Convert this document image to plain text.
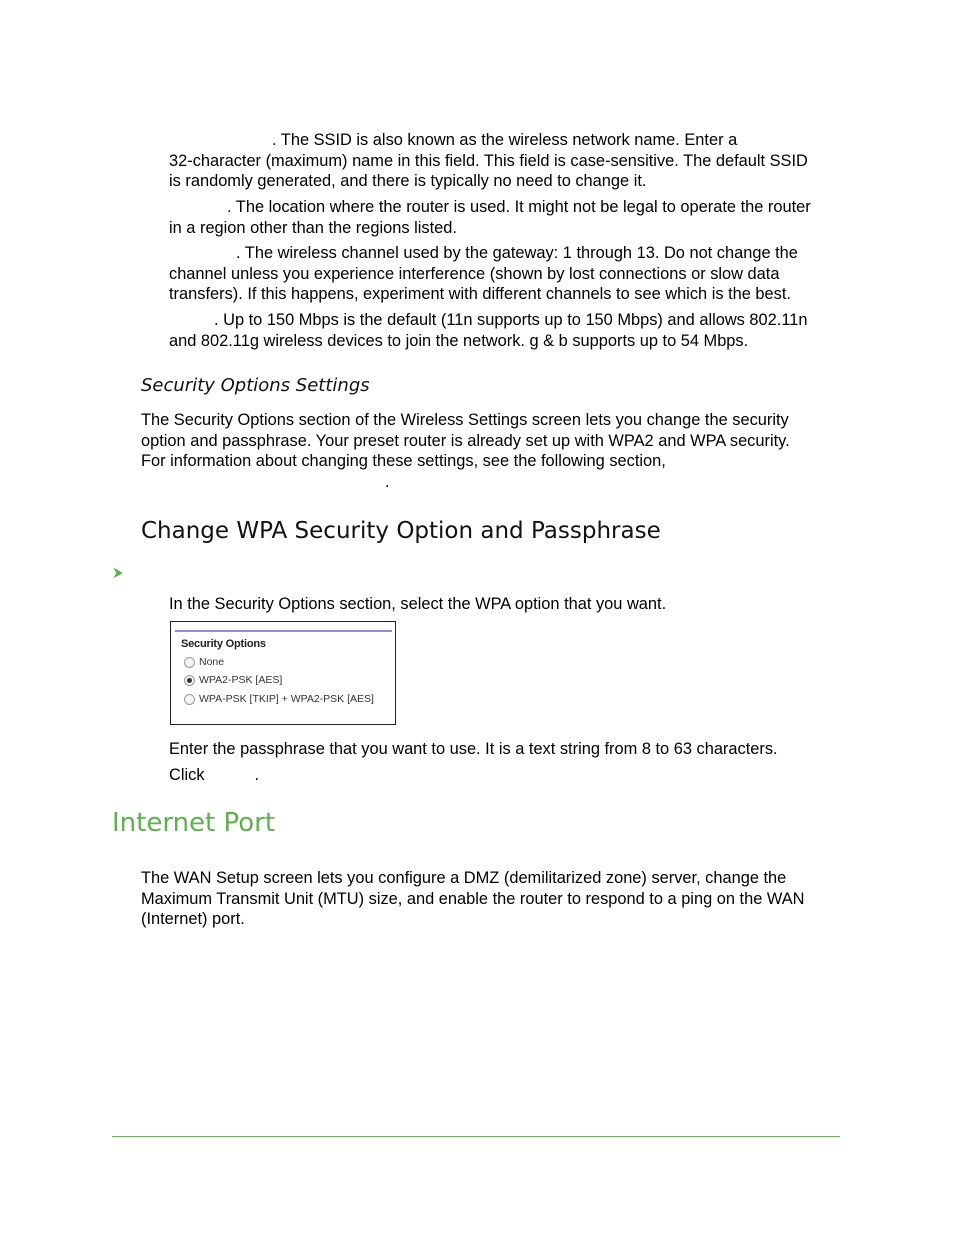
. The SSID is also known as the wireless network name. Enter a
32-character (maximum) name in this field. This field is case-sensitive. The default SSID
is randomly generated, and there is typically no need to change it.
. The location where the router is used. It might not be legal to operate the router
in a region other than the regions listed.
. The wireless channel used by the gateway: 1 through 13. Do not change the
channel unless you experience interference (shown by lost connections or slow data
transfers). If this happens, experiment with different channels to see which is the best.
. Up to 150 Mbps is the default (11n supports up to 150 Mbps) and allows 802.11n
and 802.11g wireless devices to join the network. g & b supports up to 54 Mbps.
Security Options Settings
The Security Options section of the Wireless Settings screen lets you change the security
option and passphrase. Your preset router is already set up with WPA2 and WPA security.
For information about changing these settings, see the following section,
.
Change WPA Security Option and Passphrase
⮞
In the Security Options section, select the WPA option that you want.
Security Options
None
WPA2-PSK [AES]
WPA-PSK [TKIP] + WPA2-PSK [AES]
Enter the passphrase that you want to use. It is a text string from 8 to 63 characters.
Click	.
Internet Port
The WAN Setup screen lets you configure a DMZ (demilitarized zone) server, change the
Maximum Transmit Unit (MTU) size, and enable the router to respond to a ping on the WAN
(Internet) port.
